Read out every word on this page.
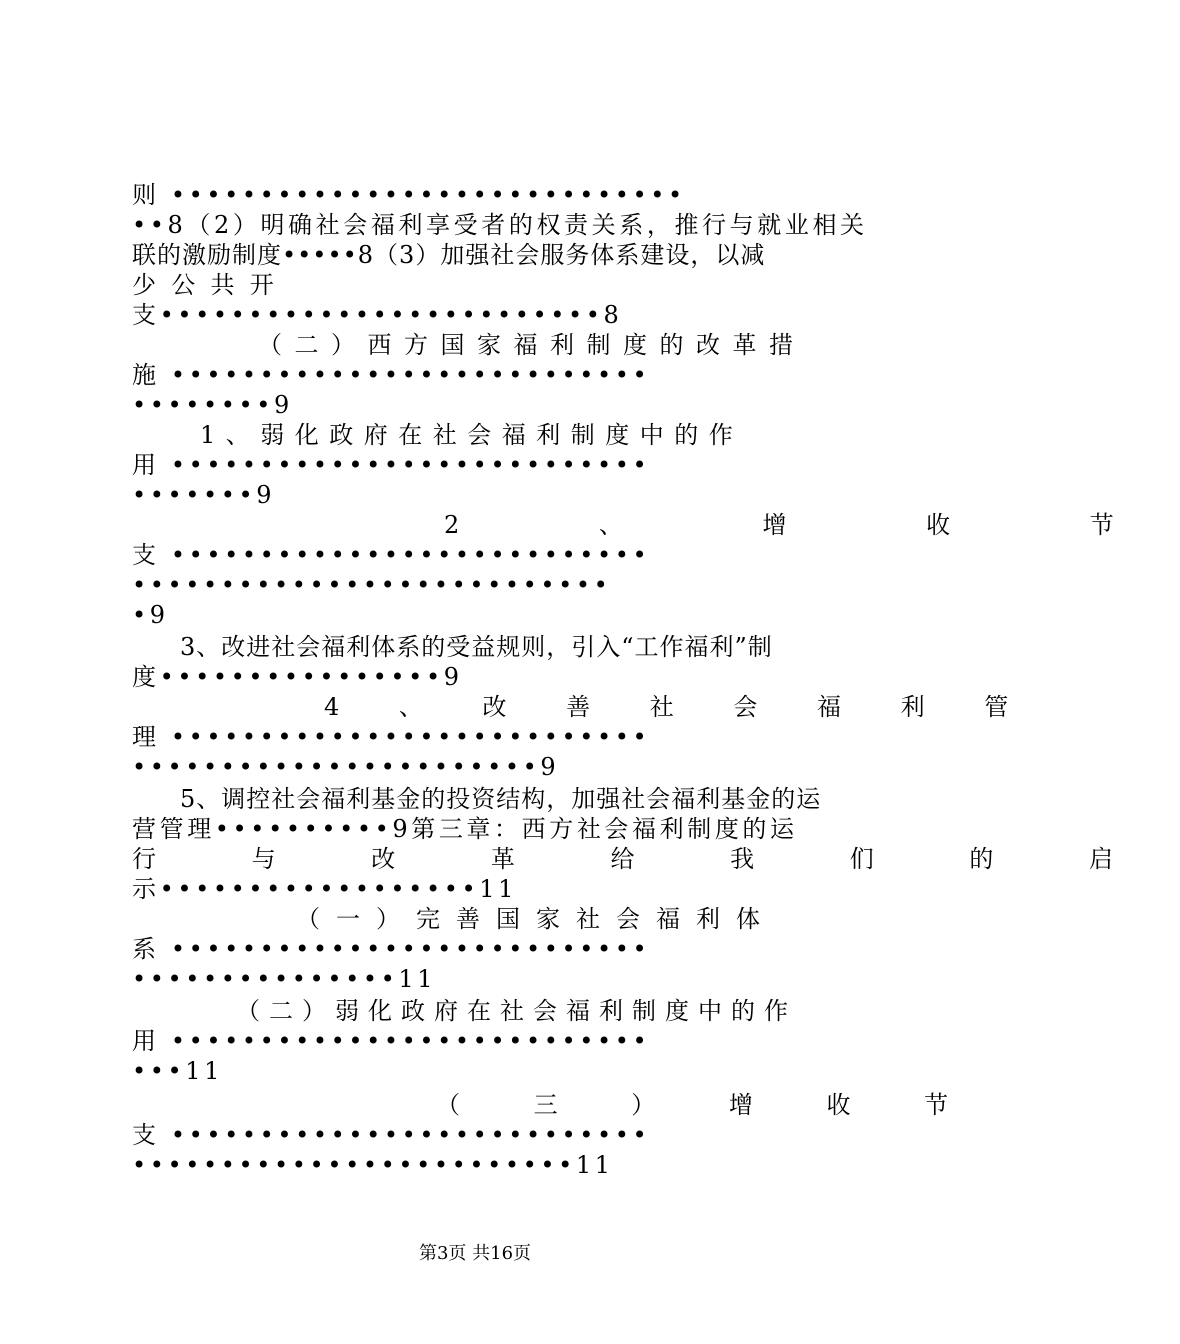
则 •••••••••••••••••••••••••••••
••8（2）明确社会福利享受者的权责关系，推行与就业相关
联的激励制度•••••8（3）加强社会服务体系建设，以减

少  公  共  开

支•••••••••••••••••••••••••8
（二）西方国家福利制度的改革措
施 •••••••••••••••••••••••••••
••••••••9
1、弱化政府在社会福利制度中的作
用 •••••••••••••••••••••••••••
•••••••9
2 、 增 收 节
支 •••••••••••••••••••••••••••
•••••••••••••••••••••••••••
•9
3、改进社会福利体系的受益规则，引入“工作福利”制
度••••••••••••••••9
4 、 改 善 社 会 福 利 管
理 •••••••••••••••••••••••••••
•••••••••••••••••••••••9
5、调控社会福利基金的投资结构，加强社会福利基金的运
营管理••••••••••9第三章：西方社会福利制度的运
行 与 改 革 给 我 们 的 启
示••••••••••••••••••11
（一）完善国家社会福利体
系 •••••••••••••••••••••••••••
•••••••••••••••11
（二）弱化政府在社会福利制度中的作
用 •••••••••••••••••••••••••••
•••11
（ 三 ） 增 收 节
支 •••••••••••••••••••••••••••
•••••••••••••••••••••••••11
第3页 共16页
